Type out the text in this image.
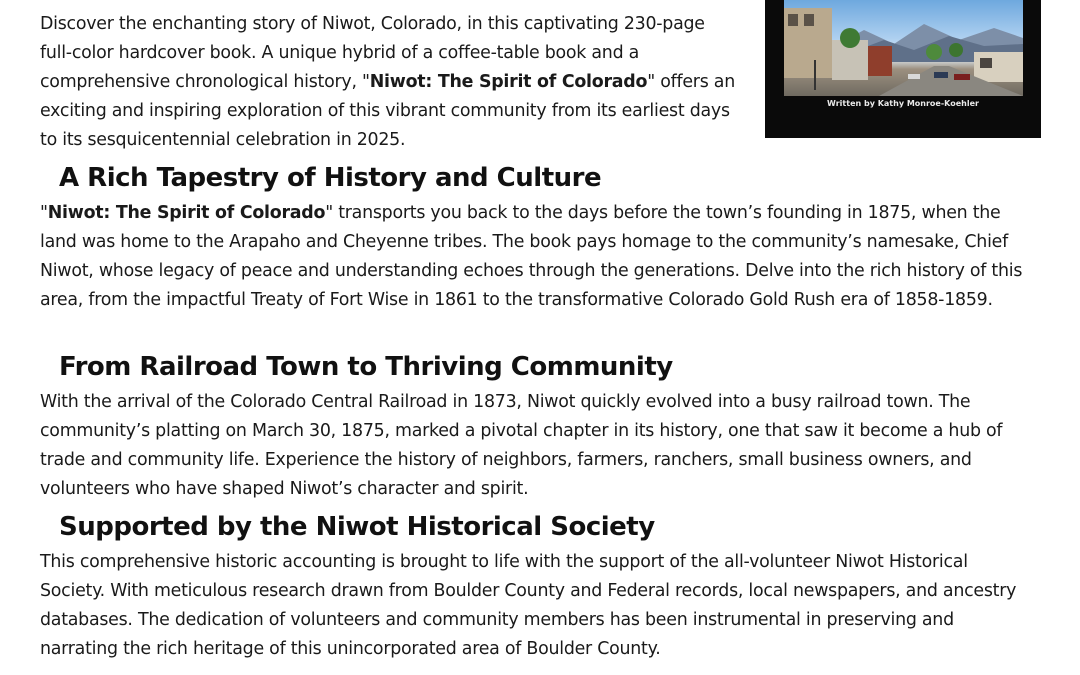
Discover the enchanting story of Niwot, Colorado, in this captivating 230-page full-color hardcover book. A unique hybrid of a coffee-table book and a comprehensive chronological history, "Niwot: The Spirit of Colorado" offers an exciting and inspiring exploration of this vibrant community from its earliest days to its sesquicentennial celebration in 2025.

Written by Kathy Monroe-Koehler
A Rich Tapestry of History and Culture

"Niwot: The Spirit of Colorado" transports you back to the days before the town’s founding in 1875, when the land was home to the Arapaho and Cheyenne tribes. The book pays homage to the community’s namesake, Chief Niwot, whose legacy of peace and understanding echoes through the generations. Delve into the rich history of this area, from the impactful Treaty of Fort Wise in 1861 to the transformative Colorado Gold Rush era of 1858-1859.

From Railroad Town to Thriving Community

With the arrival of the Colorado Central Railroad in 1873, Niwot quickly evolved into a busy railroad town. The community’s platting on March 30, 1875, marked a pivotal chapter in its history, one that saw it become a hub of trade and community life. Experience the history of neighbors, farmers, ranchers, small business owners, and volunteers who have shaped Niwot’s character and spirit.

Supported by the Niwot Historical Society

This comprehensive historic accounting is brought to life with the support of the all-volunteer Niwot Historical Society. With meticulous research drawn from Boulder County and Federal records, local newspapers, and ancestry databases. The dedication of volunteers and community members has been instrumental in preserving and narrating the rich heritage of this unincorporated area of Boulder County.
